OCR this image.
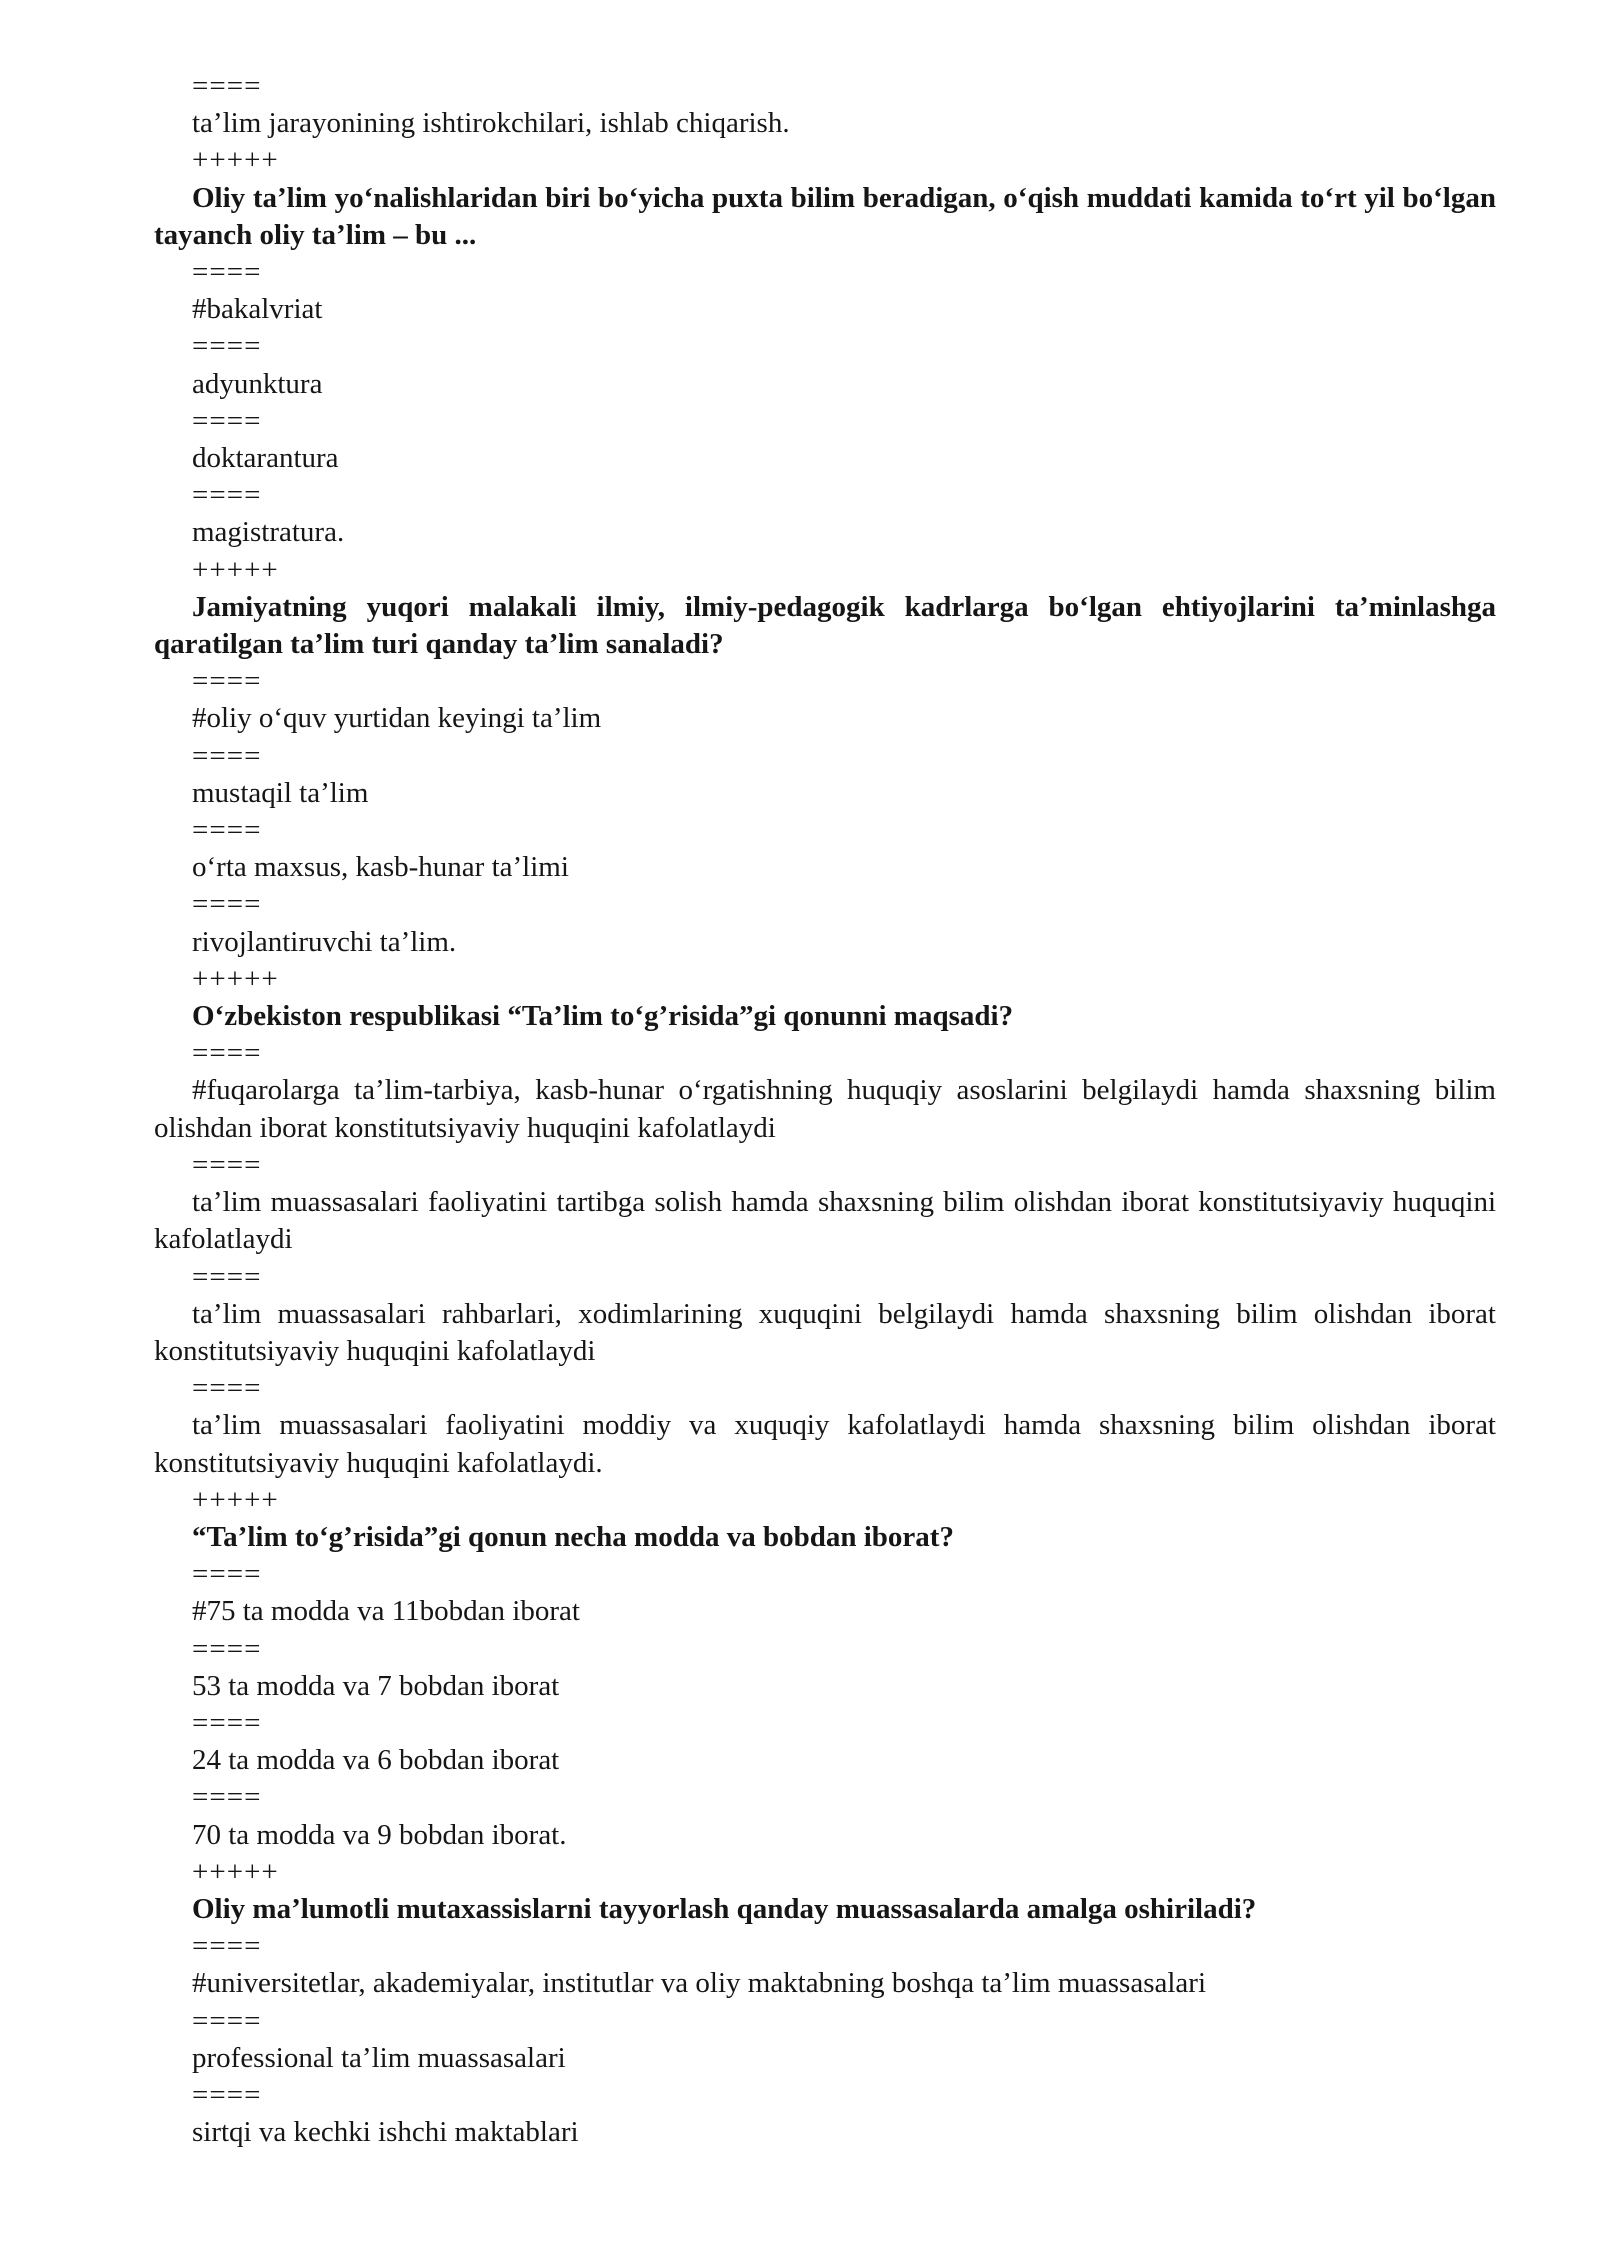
====

ta’lim jarayonining ishtirokchilari, ishlab chiqarish.

+++++

Oliy ta’lim yo‘nalishlaridan biri bo‘yicha puxta bilim beradigan, o‘qish muddati kamida to‘rt yil bo‘lgan tayanch oliy ta’lim – bu ...

====

#bakalvriat

====

adyunktura

====

doktarantura

====

magistratura.

+++++

Jamiyatning yuqori malakali ilmiy, ilmiy-pedagogik kadrlarga bo‘lgan ehtiyojlarini ta’minlashga qaratilgan ta’lim turi qanday ta’lim sanaladi?

====

#oliy o‘quv yurtidan keyingi ta’lim

====

mustaqil ta’lim

====

o‘rta maxsus, kasb-hunar ta’limi

====

rivojlantiruvchi ta’lim.

+++++

O‘zbekiston respublikasi “Ta’lim to‘g’risida”gi qonunni maqsadi?

====

#fuqarolarga ta’lim-tarbiya, kasb-hunar o‘rgatishning huquqiy asoslarini belgilaydi hamda shaxsning bilim olishdan iborat konstitutsiyaviy huquqini kafolatlaydi

====

ta’lim muassasalari faoliyatini tartibga solish hamda shaxsning bilim olishdan iborat konstitutsiyaviy huquqini kafolatlaydi

====

ta’lim muassasalari rahbarlari, xodimlarining xuquqini belgilaydi hamda shaxsning bilim olishdan iborat konstitutsiyaviy huquqini kafolatlaydi

====

ta’lim muassasalari faoliyatini moddiy va xuquqiy kafolatlaydi hamda shaxsning bilim olishdan iborat konstitutsiyaviy huquqini kafolatlaydi.

+++++

“Ta’lim to‘g’risida”gi qonun necha modda va bobdan iborat?

====

#75 ta modda va 11bobdan iborat

====

53 ta modda va 7 bobdan iborat

====

24 ta modda va 6 bobdan iborat

====

70 ta modda va 9 bobdan iborat.

+++++

Oliy ma’lumotli mutaxassislarni tayyorlash qanday muassasalarda amalga oshiriladi?

====

#universitetlar, akademiyalar, institutlar va oliy maktabning boshqa ta’lim muassasalari

====

professional ta’lim muassasalari

====

sirtqi va kechki ishchi maktablari
